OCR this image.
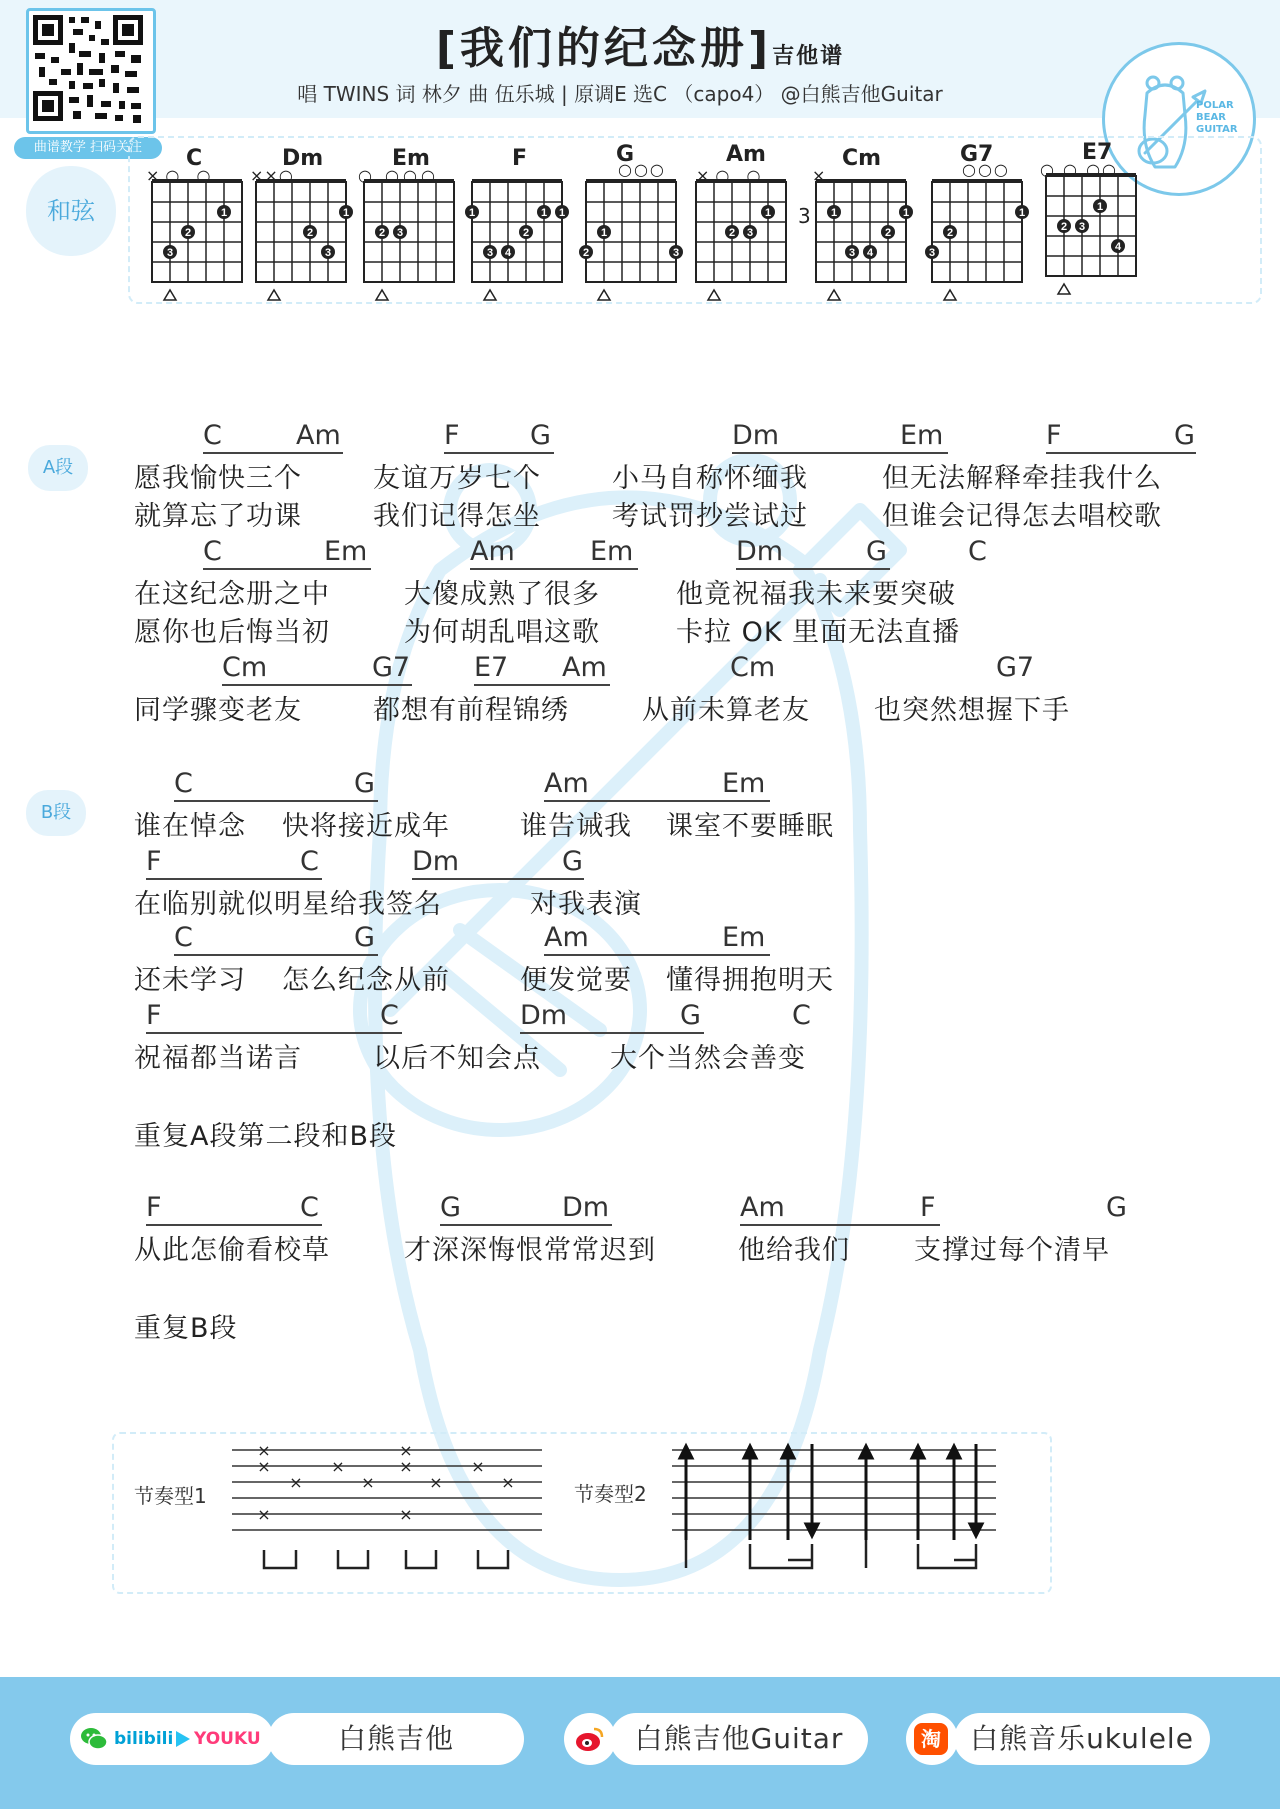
曲谱教学 扫码关注
[我们的纪念册]吉他谱
唱 TWINS 词 林夕 曲 伍乐城 | 原调E 选C （capo4） @白熊吉他Guitar	POLAR
BEAR
GUITAR
和弦	1
2
3
1
2
3
2 3
1	1 1
2
3 4
1
2	3
1
2 3
1	1
2
3 4
1
2
3
1
2 3
4
C	Dm	Em	F	G	Am	Cm	G7	E7
×○ ○ ××○	○ ○○○	○○○ ×○ ○	×
3
○○○ ○ ○ ○○
A段
B段
C	Am	F	G	Dm	Em	F	G
愿我愉快三个	友谊万岁七个	小马自称怀缅我	但无法解释牵挂我什么
就算忘了功课	我们记得怎坐	考试罚抄尝试过	但谁会记得怎去唱校歌
C	Em	Am	Em	Dm	G	C
在这纪念册之中	大傻成熟了很多	他竟祝福我未来要突破
愿你也后悔当初	为何胡乱唱这歌	卡拉 OK 里面无法直播
Cm	G7 E7 Am	Cm	G7
同学骤变老友	都想有前程锦绣	从前未算老友 也突然想握下手
C	G	Am	Em
谁在悼念 快将接近成年	谁告诫我 课室不要睡眠
F	C	Dm	G
在临别就似明星给我签名	对我表演
C	G	Am	Em
还未学习 怎么纪念从前	便发觉要 懂得拥抱明天
F	C	Dm	G	C
祝福都当诺言	以后不知会点	大个当然会善变
重复A段第二段和B段
F	C	G	Dm	Am	F	G
从此怎偷看校草	才深深悔恨常常迟到	他给我们 支撑过每个清早
重复B段
节奏型1	节奏型2
×
×
×
×
×
×
×
×
×
×
×
×
bilibili YOUKU	白熊吉他	白熊吉他Guitar	淘	白熊音乐ukulele
